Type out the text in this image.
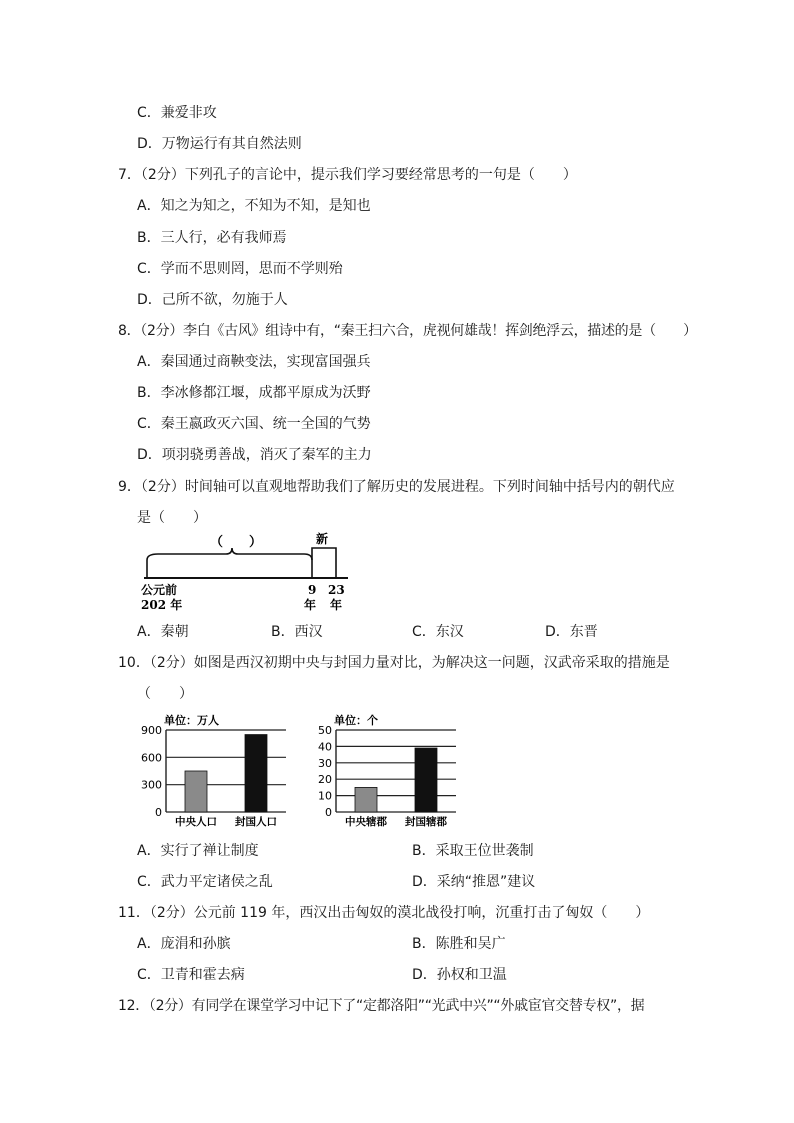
C．兼爱非攻
D．万物运行有其自然法则
7．（2分）下列孔子的言论中，提示我们学习要经常思考的一句是（　　）
A．知之为知之，不知为不知，是知也
B．三人行，必有我师焉
C．学而不思则罔，思而不学则殆
D．己所不欲，勿施于人
8．（2分）李白《古风》组诗中有，“秦王扫六合，虎视何雄哉！挥剑绝浮云，描述的是（　　）
A．秦国通过商鞅变法，实现富国强兵
B．李冰修都江堰，成都平原成为沃野
C．秦王嬴政灭六国、统一全国的气势
D．项羽骁勇善战，消灭了秦军的主力
9．（2分）时间轴可以直观地帮助我们了解历史的发展进程。下列时间轴中括号内的朝代应
是（　　）
（　　）	新
公元前
202 年
9
年
23
年
A．秦朝	B．西汉	C．东汉	D．东晋
10．（2分）如图是西汉初期中央与封国力量对比，为解决这一问题，汉武帝采取的措施是
（　　）
单位：万人
0
300
600
900
中央人口 封国人口
单位：个
0
10
20
30
40
50
中央辖郡 封国辖郡
A．实行了禅让制度	B．采取王位世袭制
C．武力平定诸侯之乱	D．采纳“推恩”建议
11．（2分）公元前 119 年，西汉出击匈奴的漠北战役打响，沉重打击了匈奴（　　）
A．庞涓和孙膑	B．陈胜和吴广
C．卫青和霍去病	D．孙权和卫温
12．（2分）有同学在课堂学习中记下了“定都洛阳”“光武中兴”“外戚宦官交替专权”，据
